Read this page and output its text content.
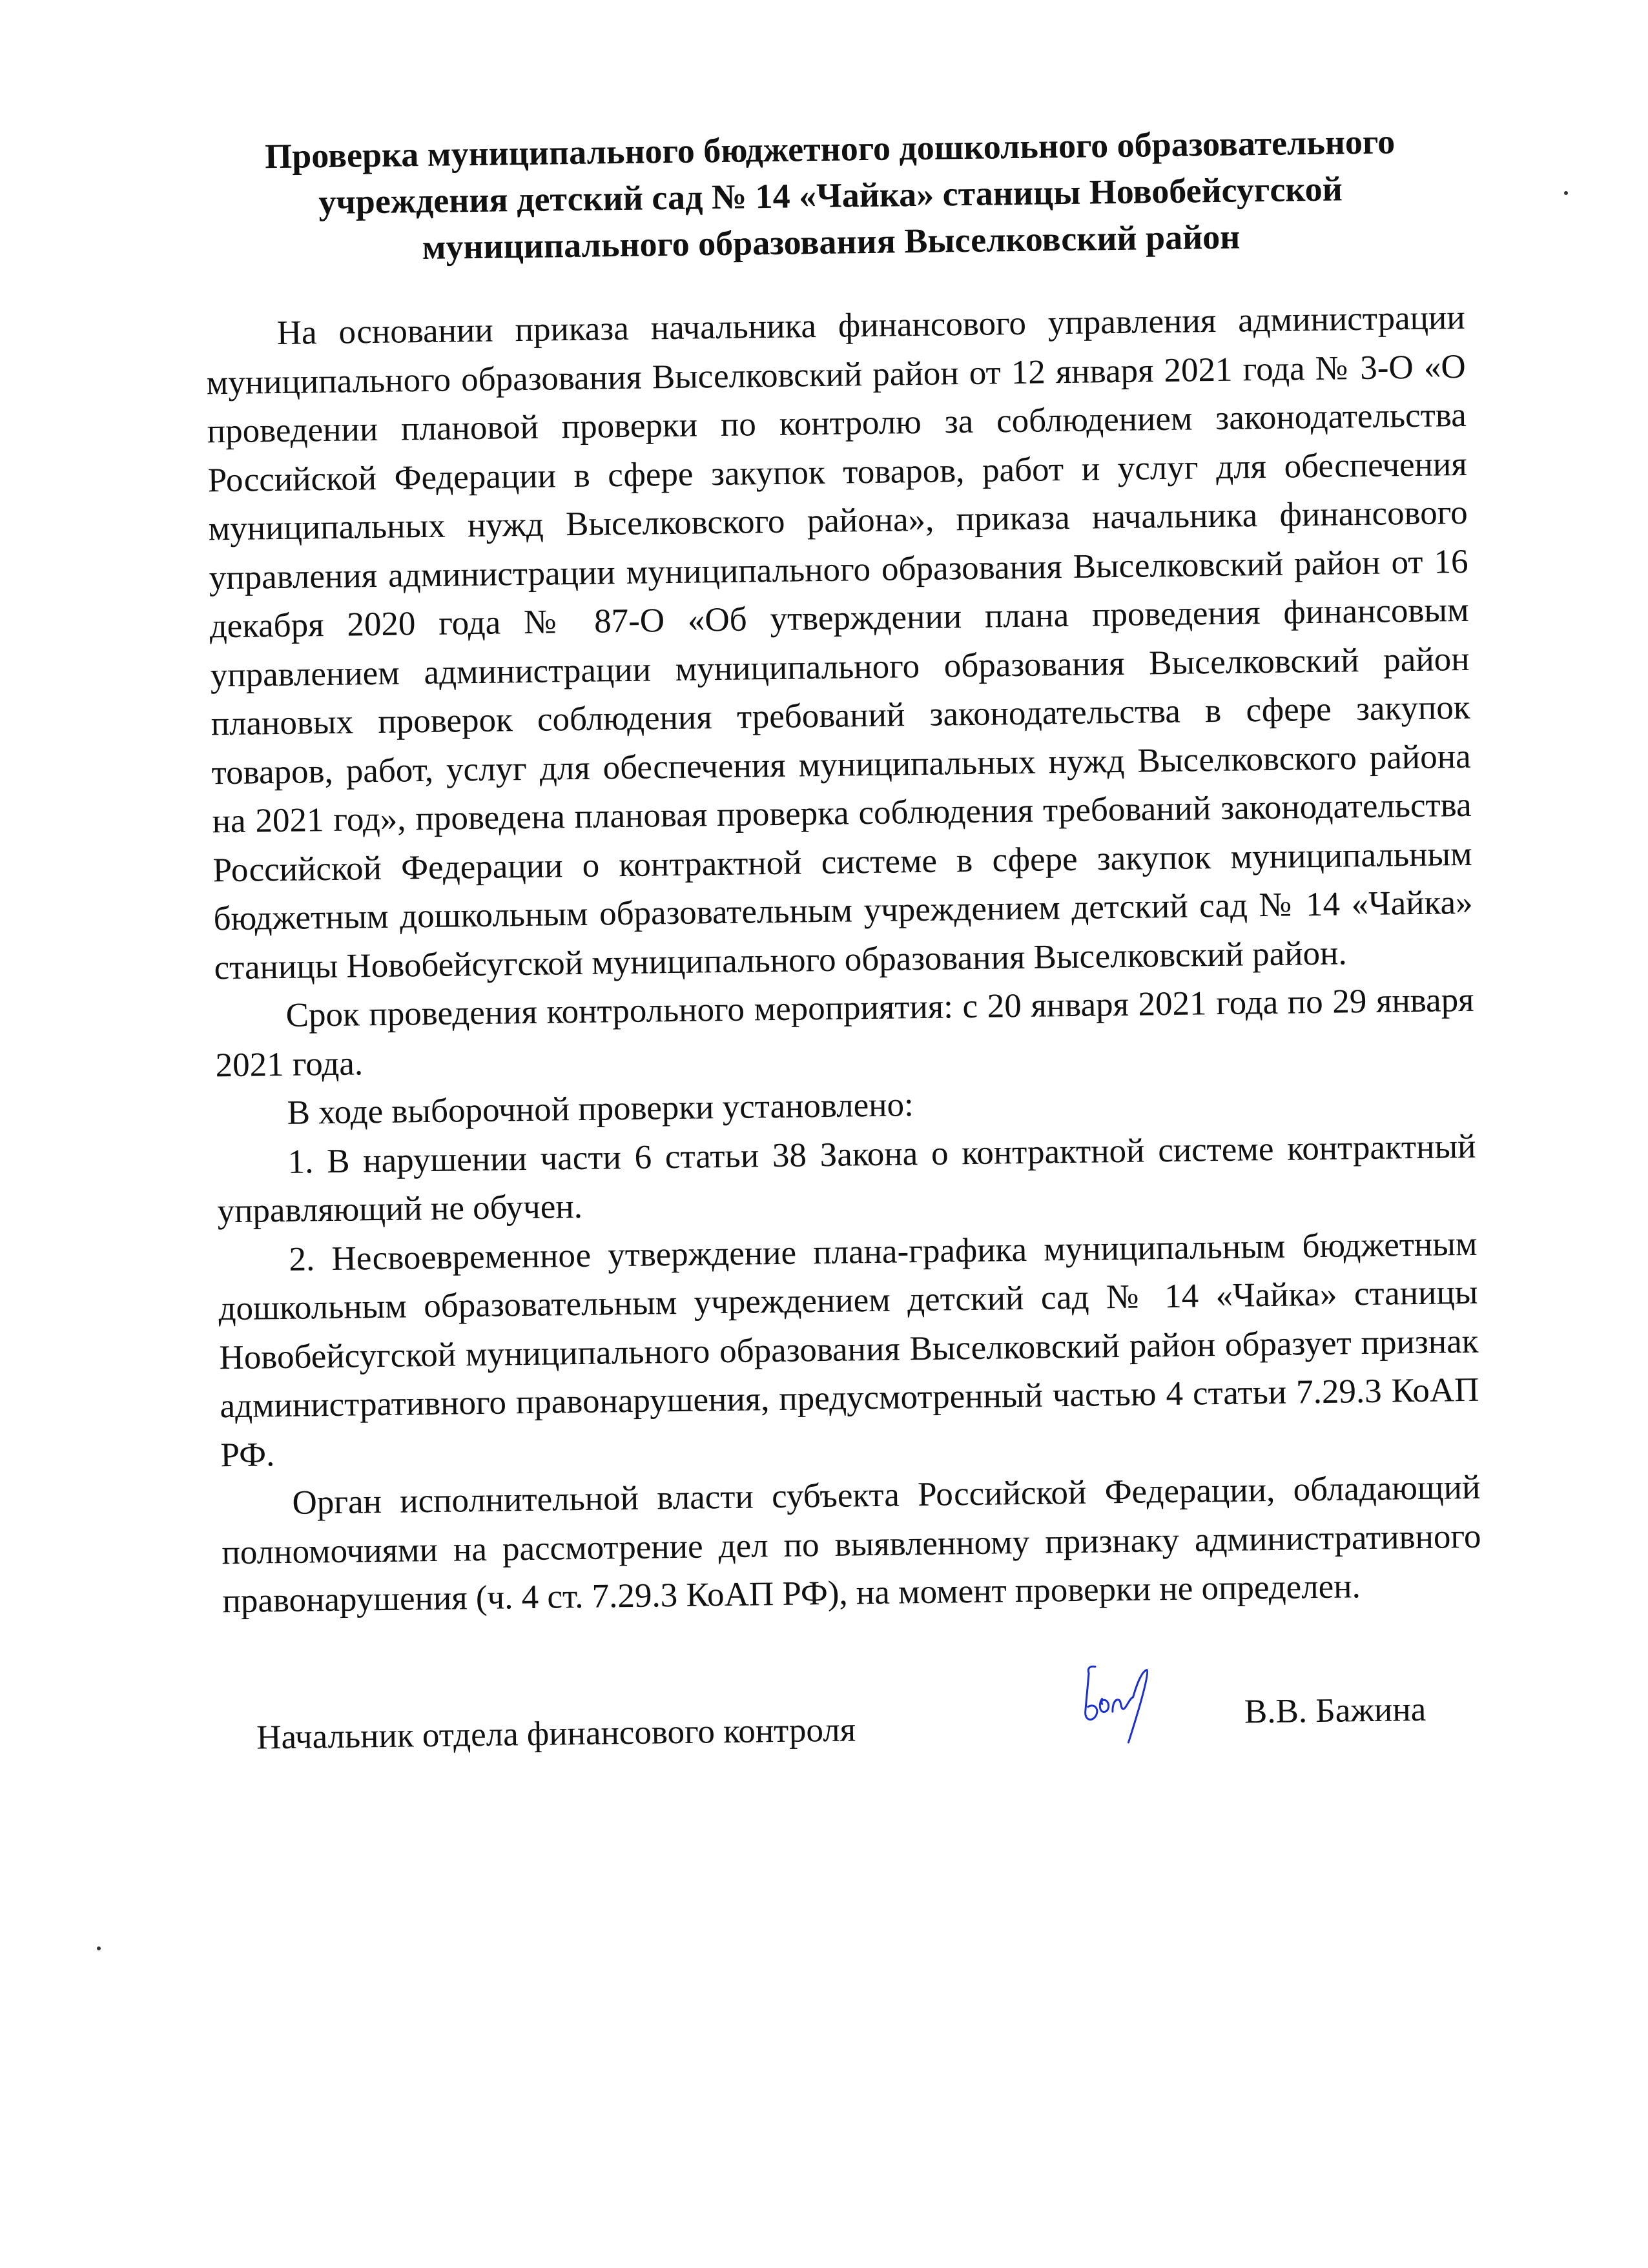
Проверка муниципального бюджетного дошкольного образовательного учреждения детский сад № 14 «Чайка» станицы Новобейсугской муниципального образования Выселковский район

На основании приказа начальника финансового управления администрации муниципального образования Выселковский район от 12 января 2021 года № 3-О «О проведении плановой проверки по контролю за соблюдением законодательства Российской Федерации в сфере закупок товаров, работ и услуг для обеспечения муниципальных нужд Выселковского района», приказа начальника финансового управления администрации муниципального образования Выселковский район от 16 декабря 2020 года № 87-О «Об утверждении плана проведения финансовым управлением администрации муниципального образования Выселковский район плановых проверок соблюдения требований законодательства в сфере закупок товаров, работ, услуг для обеспечения муниципальных нужд Выселковского района на 2021 год», проведена плановая проверка соблюдения требований законодательства Российской Федерации о контрактной системе в сфере закупок муниципальным бюджетным дошкольным образовательным учреждением детский сад № 14 «Чайка» станицы Новобейсугской муниципального образования Выселковский район.

Срок проведения контрольного мероприятия: с 20 января 2021 года по 29 января 2021 года.

В ходе выборочной проверки установлено:

1. В нарушении части 6 статьи 38 Закона о контрактной системе контрактный управляющий не обучен.

2. Несвоевременное утверждение плана-графика муниципальным бюджетным дошкольным образовательным учреждением детский сад № 14 «Чайка» станицы Новобейсугской муниципального образования Выселковский район образует признак административного правонарушения, предусмотренный частью 4 статьи 7.29.3 КоАП РФ.

Орган исполнительной власти субъекта Российской Федерации, обладающий полномочиями на рассмотрение дел по выявленному признаку административного правонарушения (ч. 4 ст. 7.29.3 КоАП РФ), на момент проверки не определен.

Начальник отдела финансового контроля
В.В. Бажина
